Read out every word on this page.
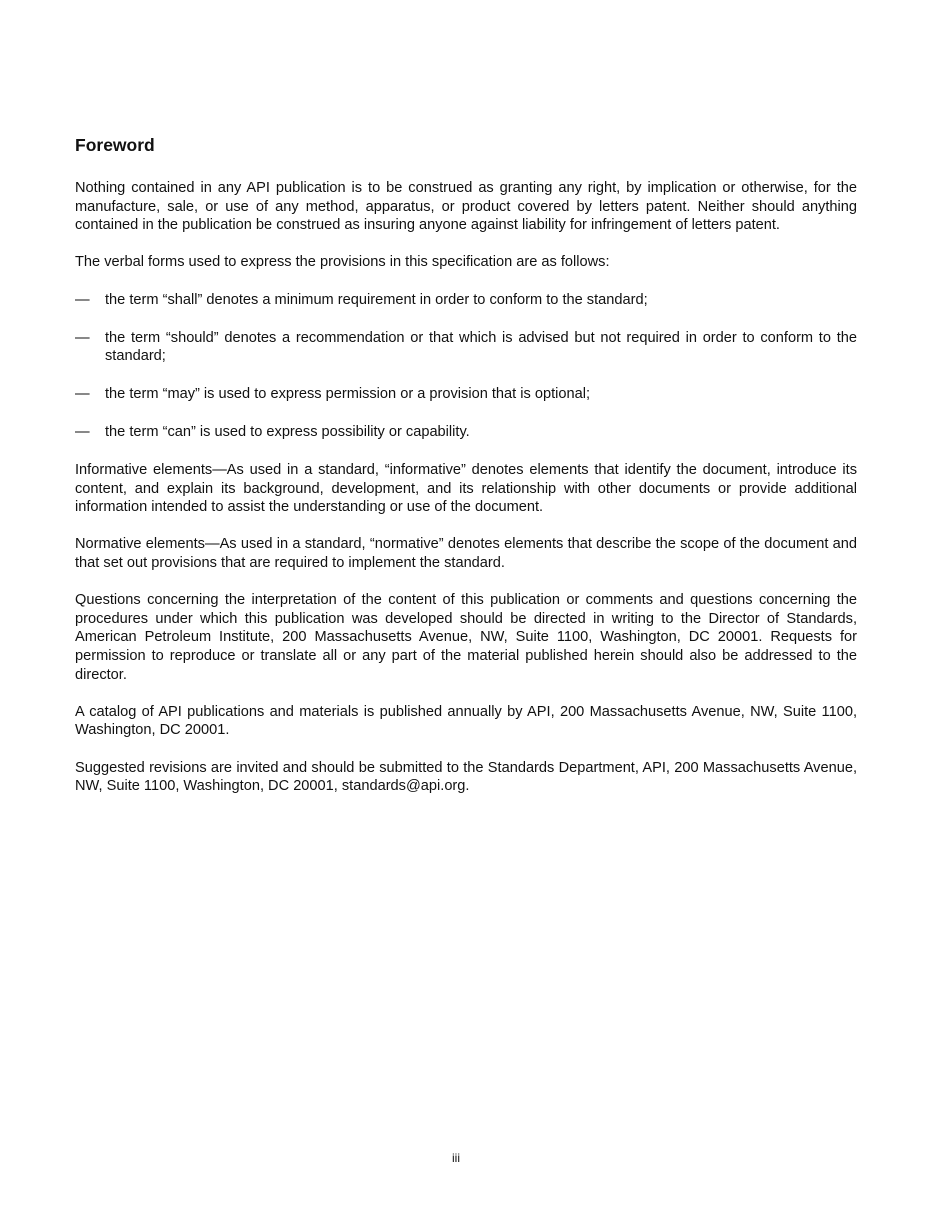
Foreword

Nothing contained in any API publication is to be construed as granting any right, by implication or otherwise, for the manufacture, sale, or use of any method, apparatus, or product covered by letters patent. Neither should anything contained in the publication be construed as insuring anyone against liability for infringement of letters patent.

The verbal forms used to express the provisions in this specification are as follows:

—	the term “shall” denotes a minimum requirement in order to conform to the standard;
—	the term “should” denotes a recommendation or that which is advised but not required in order to conform to the standard;
—	the term “may” is used to express permission or a provision that is optional;
—	the term “can” is used to express possibility or capability.

Informative elements—As used in a standard, “informative” denotes elements that identify the document, introduce its content, and explain its background, development, and its relationship with other documents or provide additional information intended to assist the understanding or use of the document.

Normative elements—As used in a standard, “normative” denotes elements that describe the scope of the document and that set out provisions that are required to implement the standard.

Questions concerning the interpretation of the content of this publication or comments and questions concerning the procedures under which this publication was developed should be directed in writing to the Director of Standards, American Petroleum Institute, 200 Massachusetts Avenue, NW, Suite 1100, Washington, DC 20001. Requests for permission to reproduce or translate all or any part of the material published herein should also be addressed to the director.

A catalog of API publications and materials is published annually by API, 200 Massachusetts Avenue, NW, Suite 1100, Washington, DC 20001.

Suggested revisions are invited and should be submitted to the Standards Department, API, 200 Massachusetts Avenue, NW, Suite 1100, Washington, DC 20001, standards@api.org.

iii
